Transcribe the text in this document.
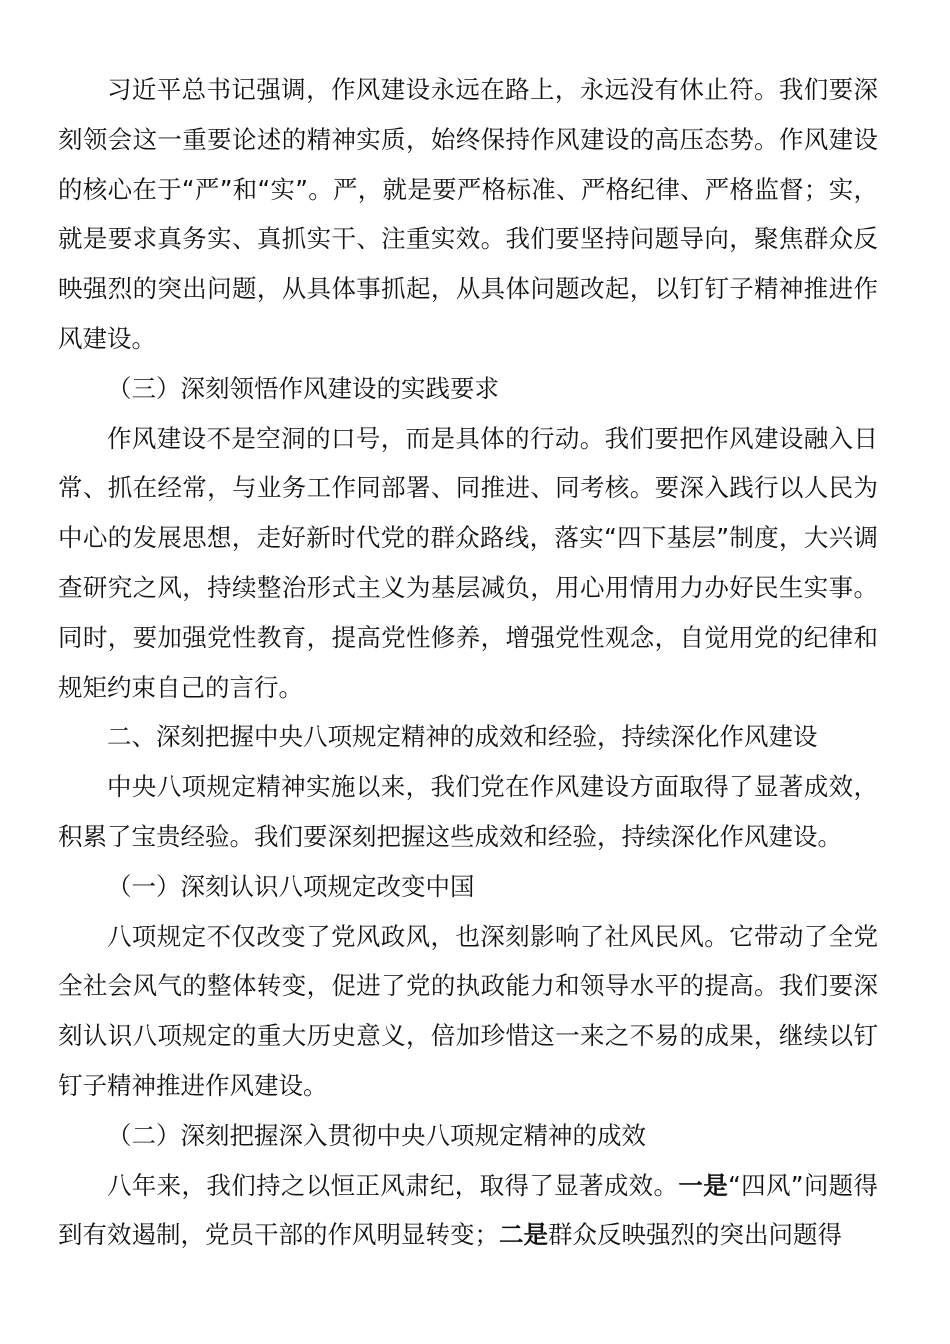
习近平总书记强调，作风建设永远在路上，永远没有休止符。我们要深刻领会这一重要论述的精神实质，始终保持作风建设的高压态势。作风建设的核心在于“严”和“实”。严，就是要严格标准、严格纪律、严格监督；实，就是要求真务实、真抓实干、注重实效。我们要坚持问题导向，聚焦群众反映强烈的突出问题，从具体事抓起，从具体问题改起，以钉钉子精神推进作风建设。

（三）深刻领悟作风建设的实践要求

作风建设不是空洞的口号，而是具体的行动。我们要把作风建设融入日常、抓在经常，与业务工作同部署、同推进、同考核。要深入践行以人民为中心的发展思想，走好新时代党的群众路线，落实“四下基层”制度，大兴调查研究之风，持续整治形式主义为基层减负，用心用情用力办好民生实事。同时，要加强党性教育，提高党性修养，增强党性观念，自觉用党的纪律和规矩约束自己的言行。

二、深刻把握中央八项规定精神的成效和经验，持续深化作风建设

中央八项规定精神实施以来，我们党在作风建设方面取得了显著成效，积累了宝贵经验。我们要深刻把握这些成效和经验，持续深化作风建设。

（一）深刻认识八项规定改变中国

八项规定不仅改变了党风政风，也深刻影响了社风民风。它带动了全党全社会风气的整体转变，促进了党的执政能力和领导水平的提高。我们要深刻认识八项规定的重大历史意义，倍加珍惜这一来之不易的成果，继续以钉钉子精神推进作风建设。

（二）深刻把握深入贯彻中央八项规定精神的成效

八年来，我们持之以恒正风肃纪，取得了显著成效。一是“四风”问题得到有效遏制，党员干部的作风明显转变；二是群众反映强烈的突出问题得
